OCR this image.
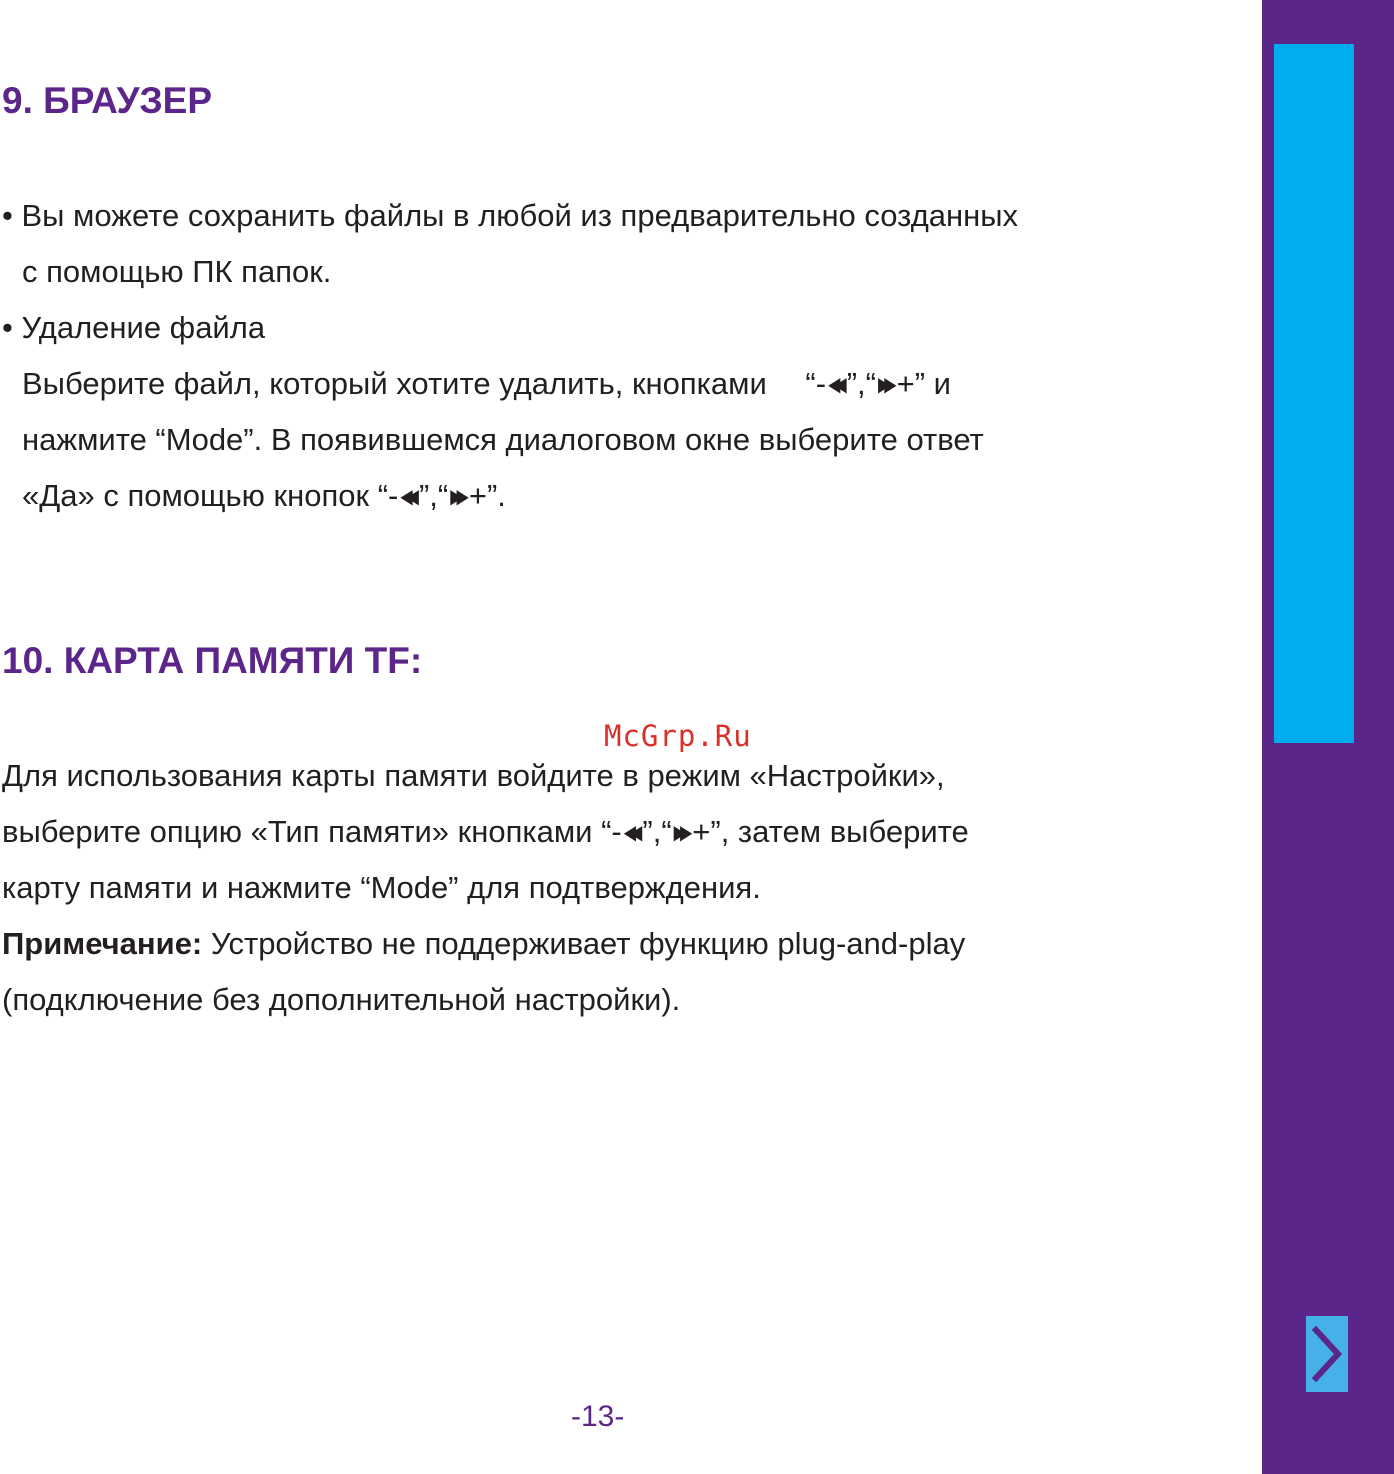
9. БРАУЗЕР
• Вы можете сохранить файлы в любой из предварительно созданных
с помощью ПК папок.
• Удаление файла
Выберите файл, который хотите удалить, кнопками “- ◀◀ ”,“ ▶▶ +” и
нажмите “Mode”. В появившемся диалоговом окне выберите ответ
«Да» с помощью кнопок “- ◀◀ ”,“ ▶▶ +”.
10. КАРТА ПАМЯТИ TF:
McGrp.Ru
Для использования карты памяти войдите в режим «Настройки»,
выберите опцию «Тип памяти» кнопками “- ◀◀ ”,“ ▶▶ +”, затем выберите
карту памяти и нажмите “Mode” для подтверждения.
Примечание: Устройство не поддерживает функцию plug-and-play
(подключение без дополнительной настройки).
-13-
